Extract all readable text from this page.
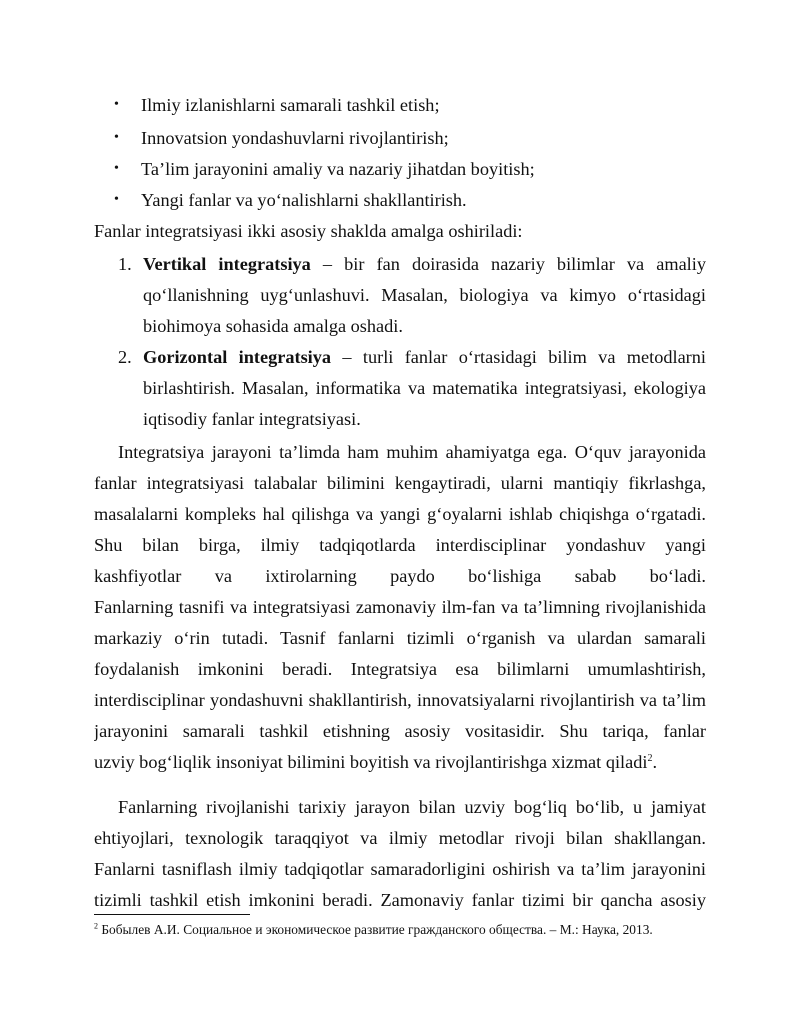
• Ilmiy izlanishlarni samarali tashkil etish;
• Innovatsion yondashuvlarni rivojlantirish;
• Ta’lim jarayonini amaliy va nazariy jihatdan boyitish;
• Yangi fanlar va yo‘nalishlarni shakllantirish.
Fanlar integratsiyasi ikki asosiy shaklda amalga oshiriladi:
1. Vertikal integratsiya – bir fan doirasida nazariy bilimlar va amaliy
qo‘llanishning uyg‘unlashuvi. Masalan, biologiya va kimyo o‘rtasidagi
biohimoya sohasida amalga oshadi.
2. Gorizontal integratsiya – turli fanlar o‘rtasidagi bilim va metodlarni
birlashtirish. Masalan, informatika va matematika integratsiyasi, ekologiya
iqtisodiy fanlar integratsiyasi.
Integratsiya jarayoni ta’limda ham muhim ahamiyatga ega. O‘quv jarayonida
fanlar integratsiyasi talabalar bilimini kengaytiradi, ularni mantiqiy fikrlashga,
masalalarni kompleks hal qilishga va yangi g‘oyalarni ishlab chiqishga o‘rgatadi.
Shu bilan birga, ilmiy tadqiqotlarda interdisciplinar yondashuv yangi
kashfiyotlar va ixtirolarning paydo bo‘lishiga sabab bo‘ladi.
Fanlarning tasnifi va integratsiyasi zamonaviy ilm-fan va ta’limning rivojlanishida
markaziy o‘rin tutadi. Tasnif fanlarni tizimli o‘rganish va ulardan samarali
foydalanish imkonini beradi. Integratsiya esa bilimlarni umumlashtirish,
interdisciplinar yondashuvni shakllantirish, innovatsiyalarni rivojlantirish va ta’lim
jarayonini samarali tashkil etishning asosiy vositasidir. Shu tariqa, fanlar
uzviy bog‘liqlik insoniyat bilimini boyitish va rivojlantirishga xizmat qiladi$^2$.
Fanlarning rivojlanishi tarixiy jarayon bilan uzviy bog‘liq bo‘lib, u jamiyat
ehtiyojlari, texnologik taraqqiyot va ilmiy metodlar rivoji bilan shakllangan.
Fanlarni tasniflash ilmiy tadqiqotlar samaradorligini oshirish va ta’lim jarayonini
tizimli tashkil etish imkonini beradi. Zamonaviy fanlar tizimi bir qancha asosiy
$^2$ Бобылев А.И. Социальное и экономическое развитие гражданского общества. – М.: Наука, 2013.
